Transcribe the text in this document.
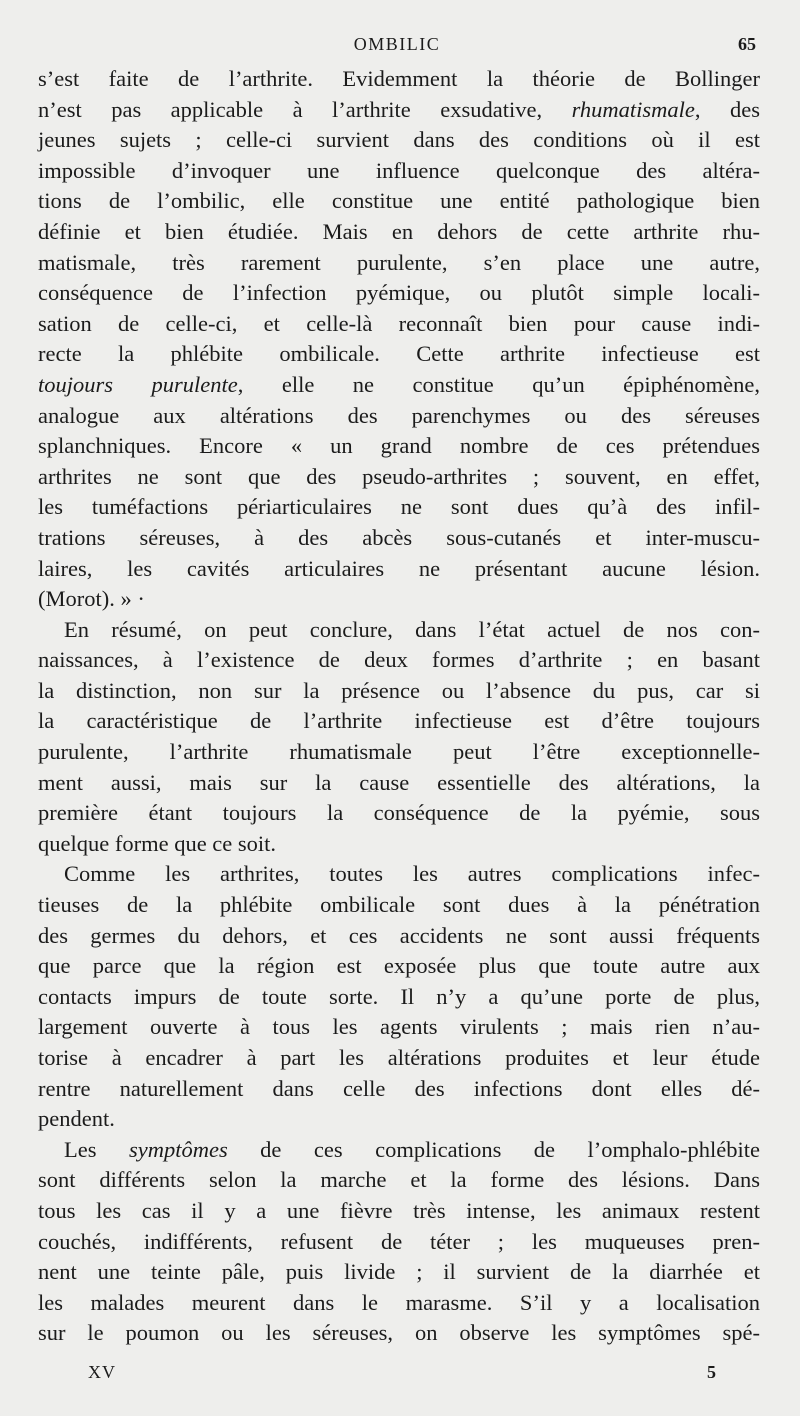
OMBILIC	65
s’est faite de l’arthrite. Evidemment la théorie de Bollinger
n’est pas applicable à l’arthrite exsudative, rhumatismale, des
jeunes sujets ; celle-ci survient dans des conditions où il est
impossible d’invoquer une influence quelconque des altéra-
tions de l’ombilic, elle constitue une entité pathologique bien
définie et bien étudiée. Mais en dehors de cette arthrite rhu-
matismale, très rarement purulente, s’en place une autre,
conséquence de l’infection pyémique, ou plutôt simple locali-
sation de celle-ci, et celle-là reconnaît bien pour cause indi-
recte la phlébite ombilicale. Cette arthrite infectieuse est
toujours purulente, elle ne constitue qu’un épiphénomène,
analogue aux altérations des parenchymes ou des séreuses
splanchniques. Encore « un grand nombre de ces prétendues
arthrites ne sont que des pseudo-arthrites ; souvent, en effet,
les tuméfactions périarticulaires ne sont dues qu’à des infil-
trations séreuses, à des abcès sous-cutanés et inter-muscu-
laires, les cavités articulaires ne présentant aucune lésion.
(Morot). » ·
En résumé, on peut conclure, dans l’état actuel de nos con-
naissances, à l’existence de deux formes d’arthrite ; en basant
la distinction, non sur la présence ou l’absence du pus, car si
la caractéristique de l’arthrite infectieuse est d’être toujours
purulente, l’arthrite rhumatismale peut l’être exceptionnelle-
ment aussi, mais sur la cause essentielle des altérations, la
première étant toujours la conséquence de la pyémie, sous
quelque forme que ce soit.
Comme les arthrites, toutes les autres complications infec-
tieuses de la phlébite ombilicale sont dues à la pénétration
des germes du dehors, et ces accidents ne sont aussi fréquents
que parce que la région est exposée plus que toute autre aux
contacts impurs de toute sorte. Il n’y a qu’une porte de plus,
largement ouverte à tous les agents virulents ; mais rien n’au-
torise à encadrer à part les altérations produites et leur étude
rentre naturellement dans celle des infections dont elles dé-
pendent.
Les symptômes de ces complications de l’omphalo-phlébite
sont différents selon la marche et la forme des lésions. Dans
tous les cas il y a une fièvre très intense, les animaux restent
couchés, indifférents, refusent de téter ; les muqueuses pren-
nent une teinte pâle, puis livide ; il survient de la diarrhée et
les malades meurent dans le marasme. S’il y a localisation
sur le poumon ou les séreuses, on observe les symptômes spé-
XV	5
